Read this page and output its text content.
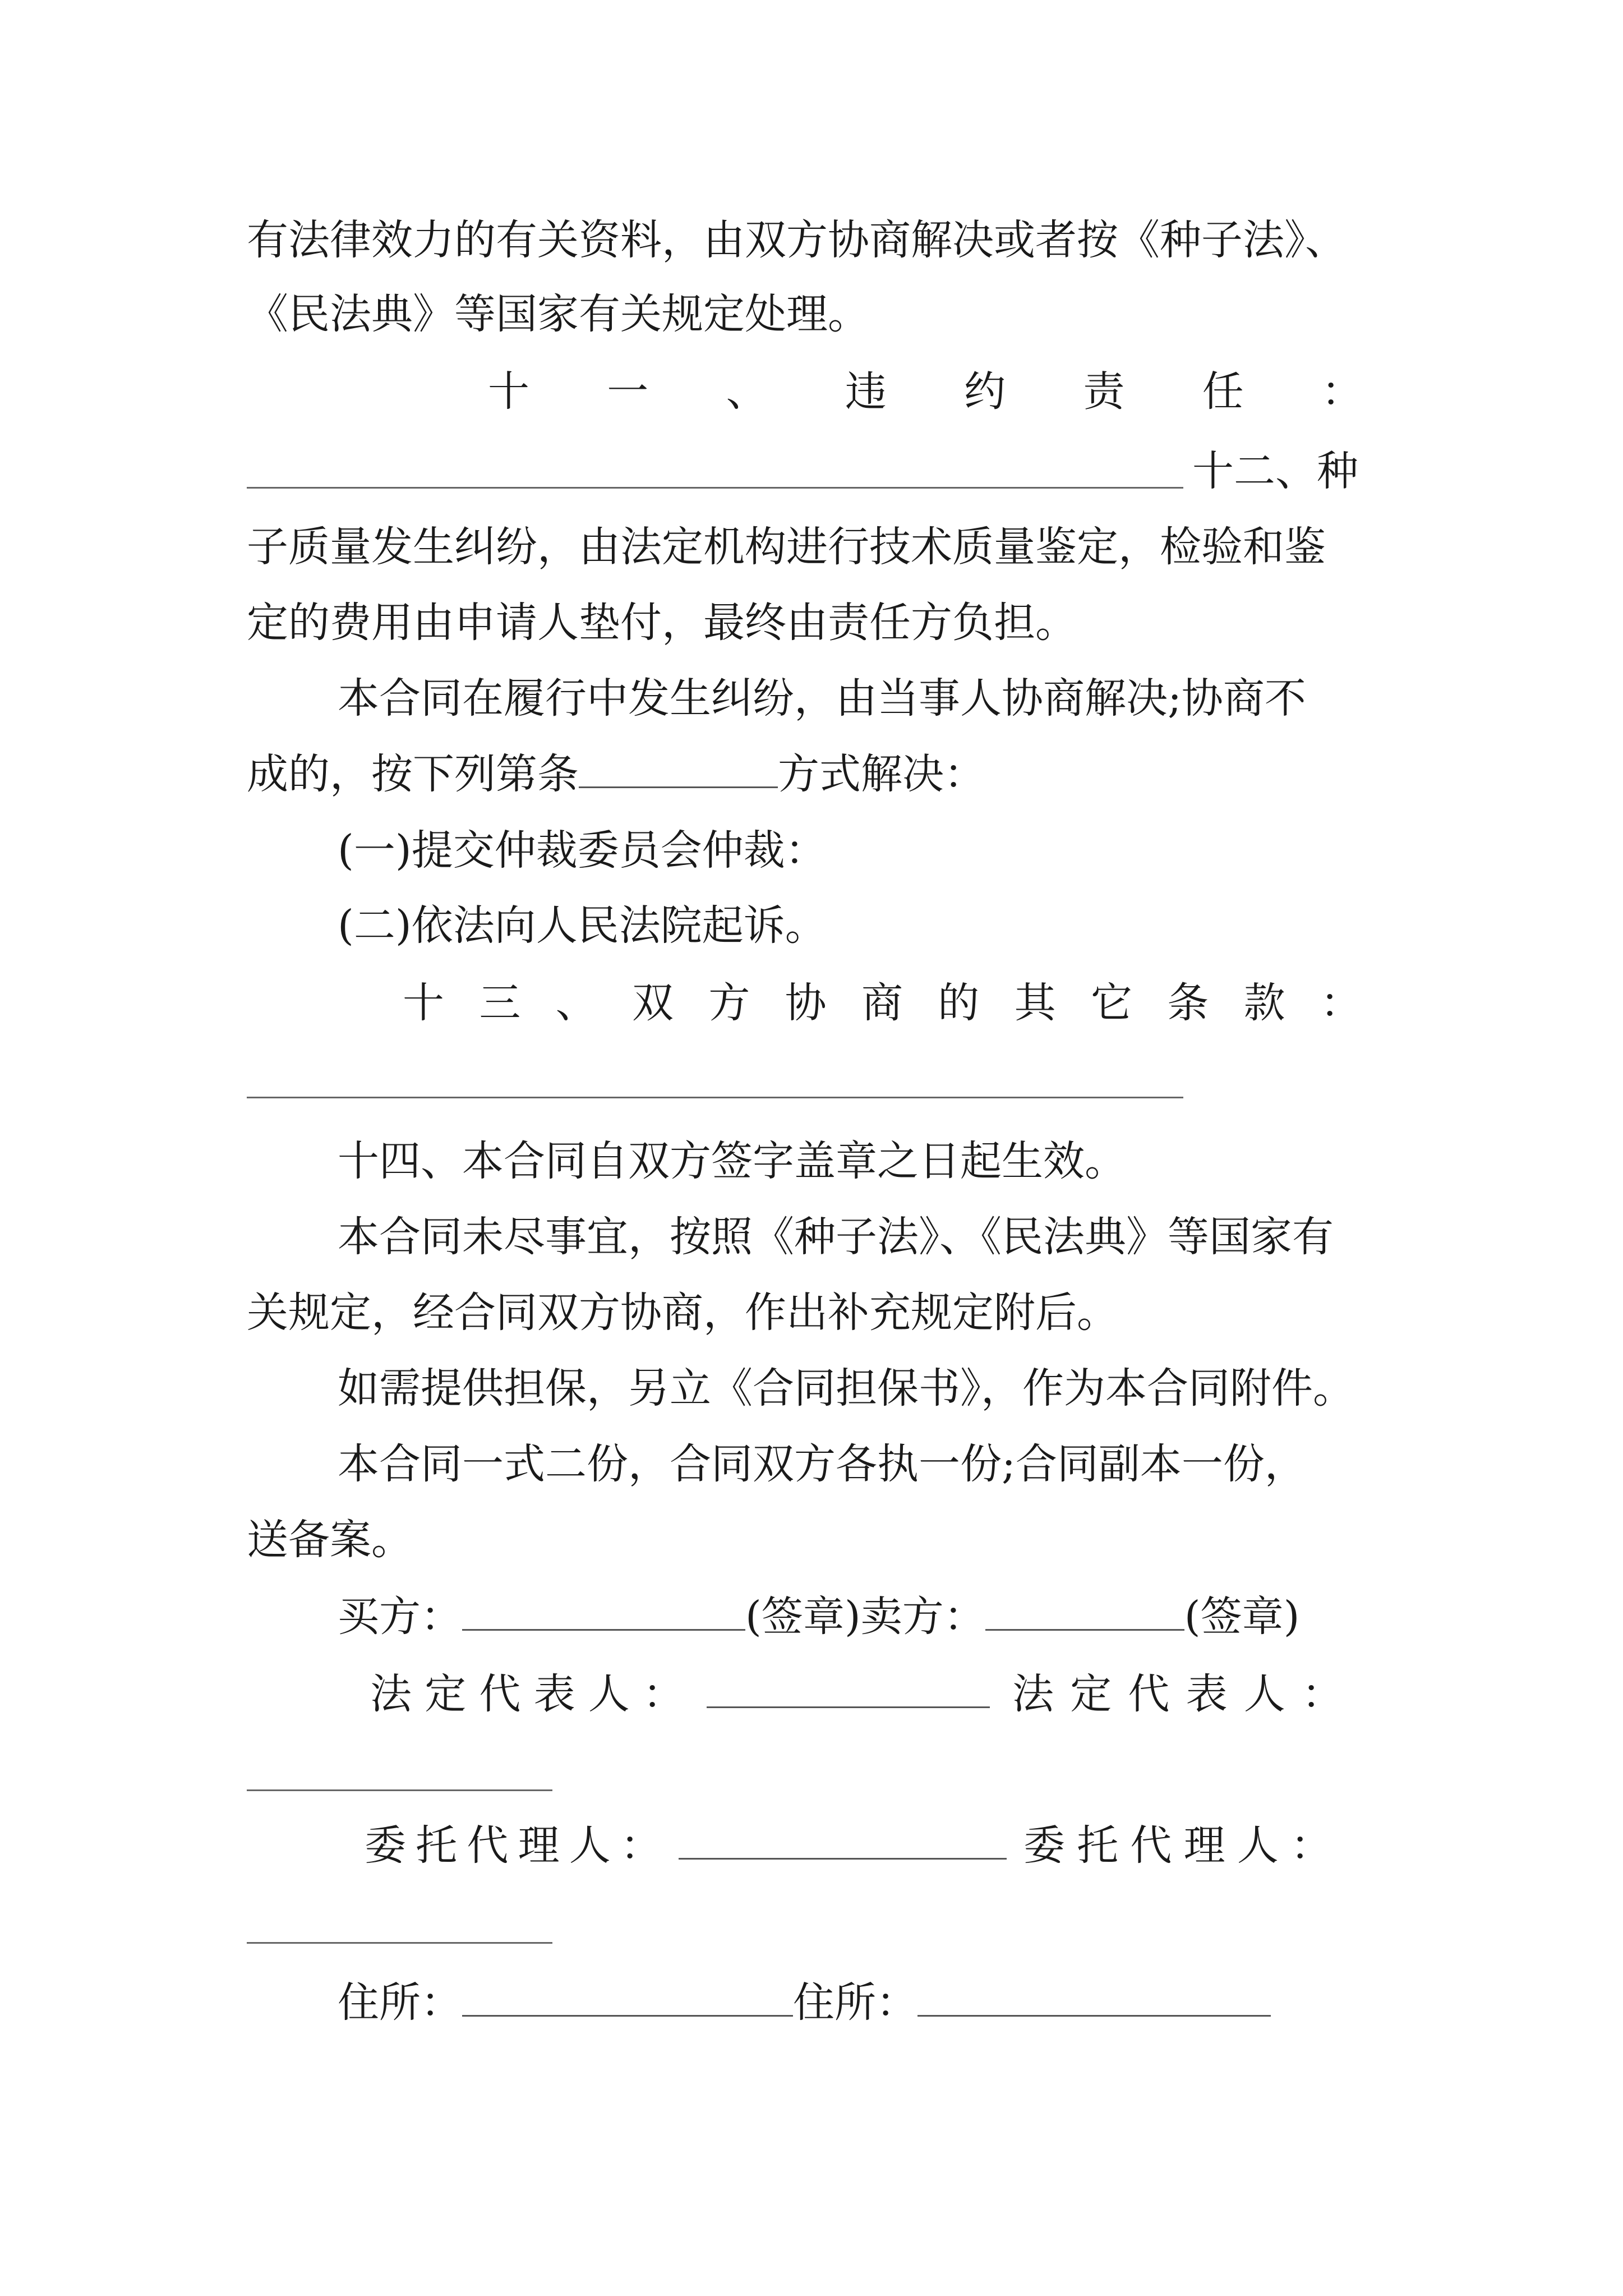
有法律效力的有关资料，由双方协商解决或者按《种子法》、
《民法典》等国家有关规定处理。
十 一 、 违 约 责 任 ：
十二、种
子质量发生纠纷，由法定机构进行技术质量鉴定，检验和鉴
定的费用由申请人垫付，最终由责任方负担。
本合同在履行中发生纠纷，由当事人协商解决;协商不
成的，按下列第条	方式解决：
(一)提交仲裁委员会仲裁：
(二)依法向人民法院起诉。
十 三 、 双 方 协 商 的 其 它 条 款 ：
十四、本合同自双方签字盖章之日起生效。
本合同未尽事宜，按照《种子法》、《民法典》等国家有
关规定，经合同双方协商，作出补充规定附后。
如需提供担保，另立《合同担保书》，作为本合同附件。
本合同一式二份，合同双方各执一份;合同副本一份，
送备案。
买方：	(签章) 卖方：	(签章)
法 定 代 表 人 ：	法 定 代 表 人 ：
委 托 代 理 人 ：	委 托 代 理 人 ：
住所：	住所：
